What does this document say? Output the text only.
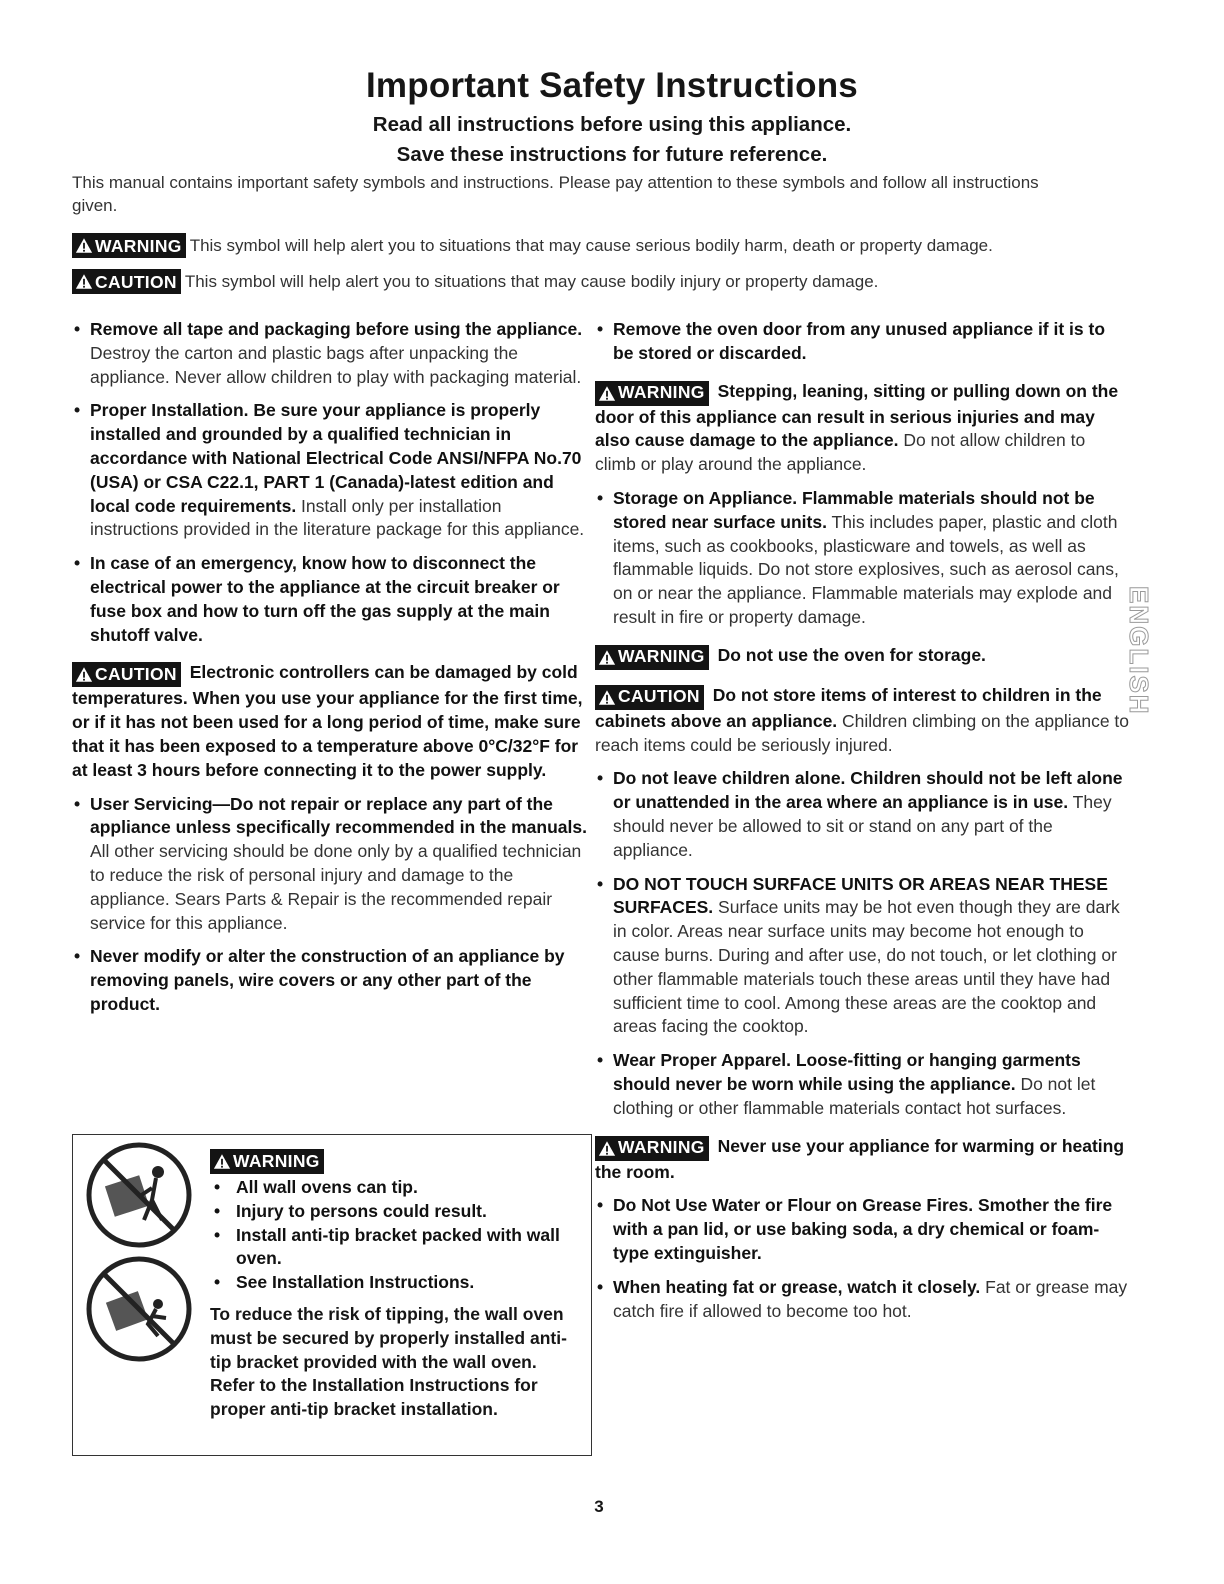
Important Safety Instructions
Read all instructions before using this appliance.
Save these instructions for future reference.
This manual contains important safety symbols and instructions. Please pay attention to these symbols and follow all instructions given.
WARNING This symbol will help alert you to situations that may cause serious bodily harm, death or property damage.
CAUTION This symbol will help alert you to situations that may cause bodily injury or property damage.
• Remove all tape and packaging before using the appliance. Destroy the carton and plastic bags after unpacking the appliance. Never allow children to play with packaging material.
• Proper Installation. Be sure your appliance is properly installed and grounded by a qualified technician in accordance with National Electrical Code ANSI/NFPA No.70 (USA) or CSA C22.1, PART 1 (Canada)-latest edition and local code requirements. Install only per installation instructions provided in the literature package for this appliance.
• In case of an emergency, know how to disconnect the electrical power to the appliance at the circuit breaker or fuse box and how to turn off the gas supply at the main shutoff valve.
CAUTION Electronic controllers can be damaged by cold temperatures. When you use your appliance for the first time, or if it has not been used for a long period of time, make sure that it has been exposed to a temperature above 0°C/32°F for at least 3 hours before connecting it to the power supply.
• User Servicing—Do not repair or replace any part of the appliance unless specifically recommended in the manuals. All other servicing should be done only by a qualified technician to reduce the risk of personal injury and damage to the appliance. Sears Parts & Repair is the recommended repair service for this appliance.
• Never modify or alter the construction of an appliance by removing panels, wire covers or any other part of the product.
WARNING
• All wall ovens can tip.
• Injury to persons could result.
• Install anti-tip bracket packed with wall oven.
• See Installation Instructions.
To reduce the risk of tipping, the wall oven must be secured by properly installed anti-tip bracket provided with the wall oven. Refer to the Installation Instructions for proper anti-tip bracket installation.
• Remove the oven door from any unused appliance if it is to be stored or discarded.
WARNING Stepping, leaning, sitting or pulling down on the door of this appliance can result in serious injuries and may also cause damage to the appliance. Do not allow children to climb or play around the appliance.
• Storage on Appliance. Flammable materials should not be stored near surface units. This includes paper, plastic and cloth items, such as cookbooks, plasticware and towels, as well as flammable liquids. Do not store explosives, such as aerosol cans, on or near the appliance. Flammable materials may explode and result in fire or property damage.
WARNING Do not use the oven for storage.
CAUTION Do not store items of interest to children in the cabinets above an appliance. Children climbing on the appliance to reach items could be seriously injured.
• Do not leave children alone. Children should not be left alone or unattended in the area where an appliance is in use. They should never be allowed to sit or stand on any part of the appliance.
• DO NOT TOUCH SURFACE UNITS OR AREAS NEAR THESE SURFACES. Surface units may be hot even though they are dark in color. Areas near surface units may become hot enough to cause burns. During and after use, do not touch, or let clothing or other flammable materials touch these areas until they have had sufficient time to cool. Among these areas are the cooktop and areas facing the cooktop.
• Wear Proper Apparel. Loose-fitting or hanging garments should never be worn while using the appliance. Do not let clothing or other flammable materials contact hot surfaces.
WARNING Never use your appliance for warming or heating the room.
• Do Not Use Water or Flour on Grease Fires. Smother the fire with a pan lid, or use baking soda, a dry chemical or foam-type extinguisher.
• When heating fat or grease, watch it closely. Fat or grease may catch fire if allowed to become too hot.
ENGLISH
3
